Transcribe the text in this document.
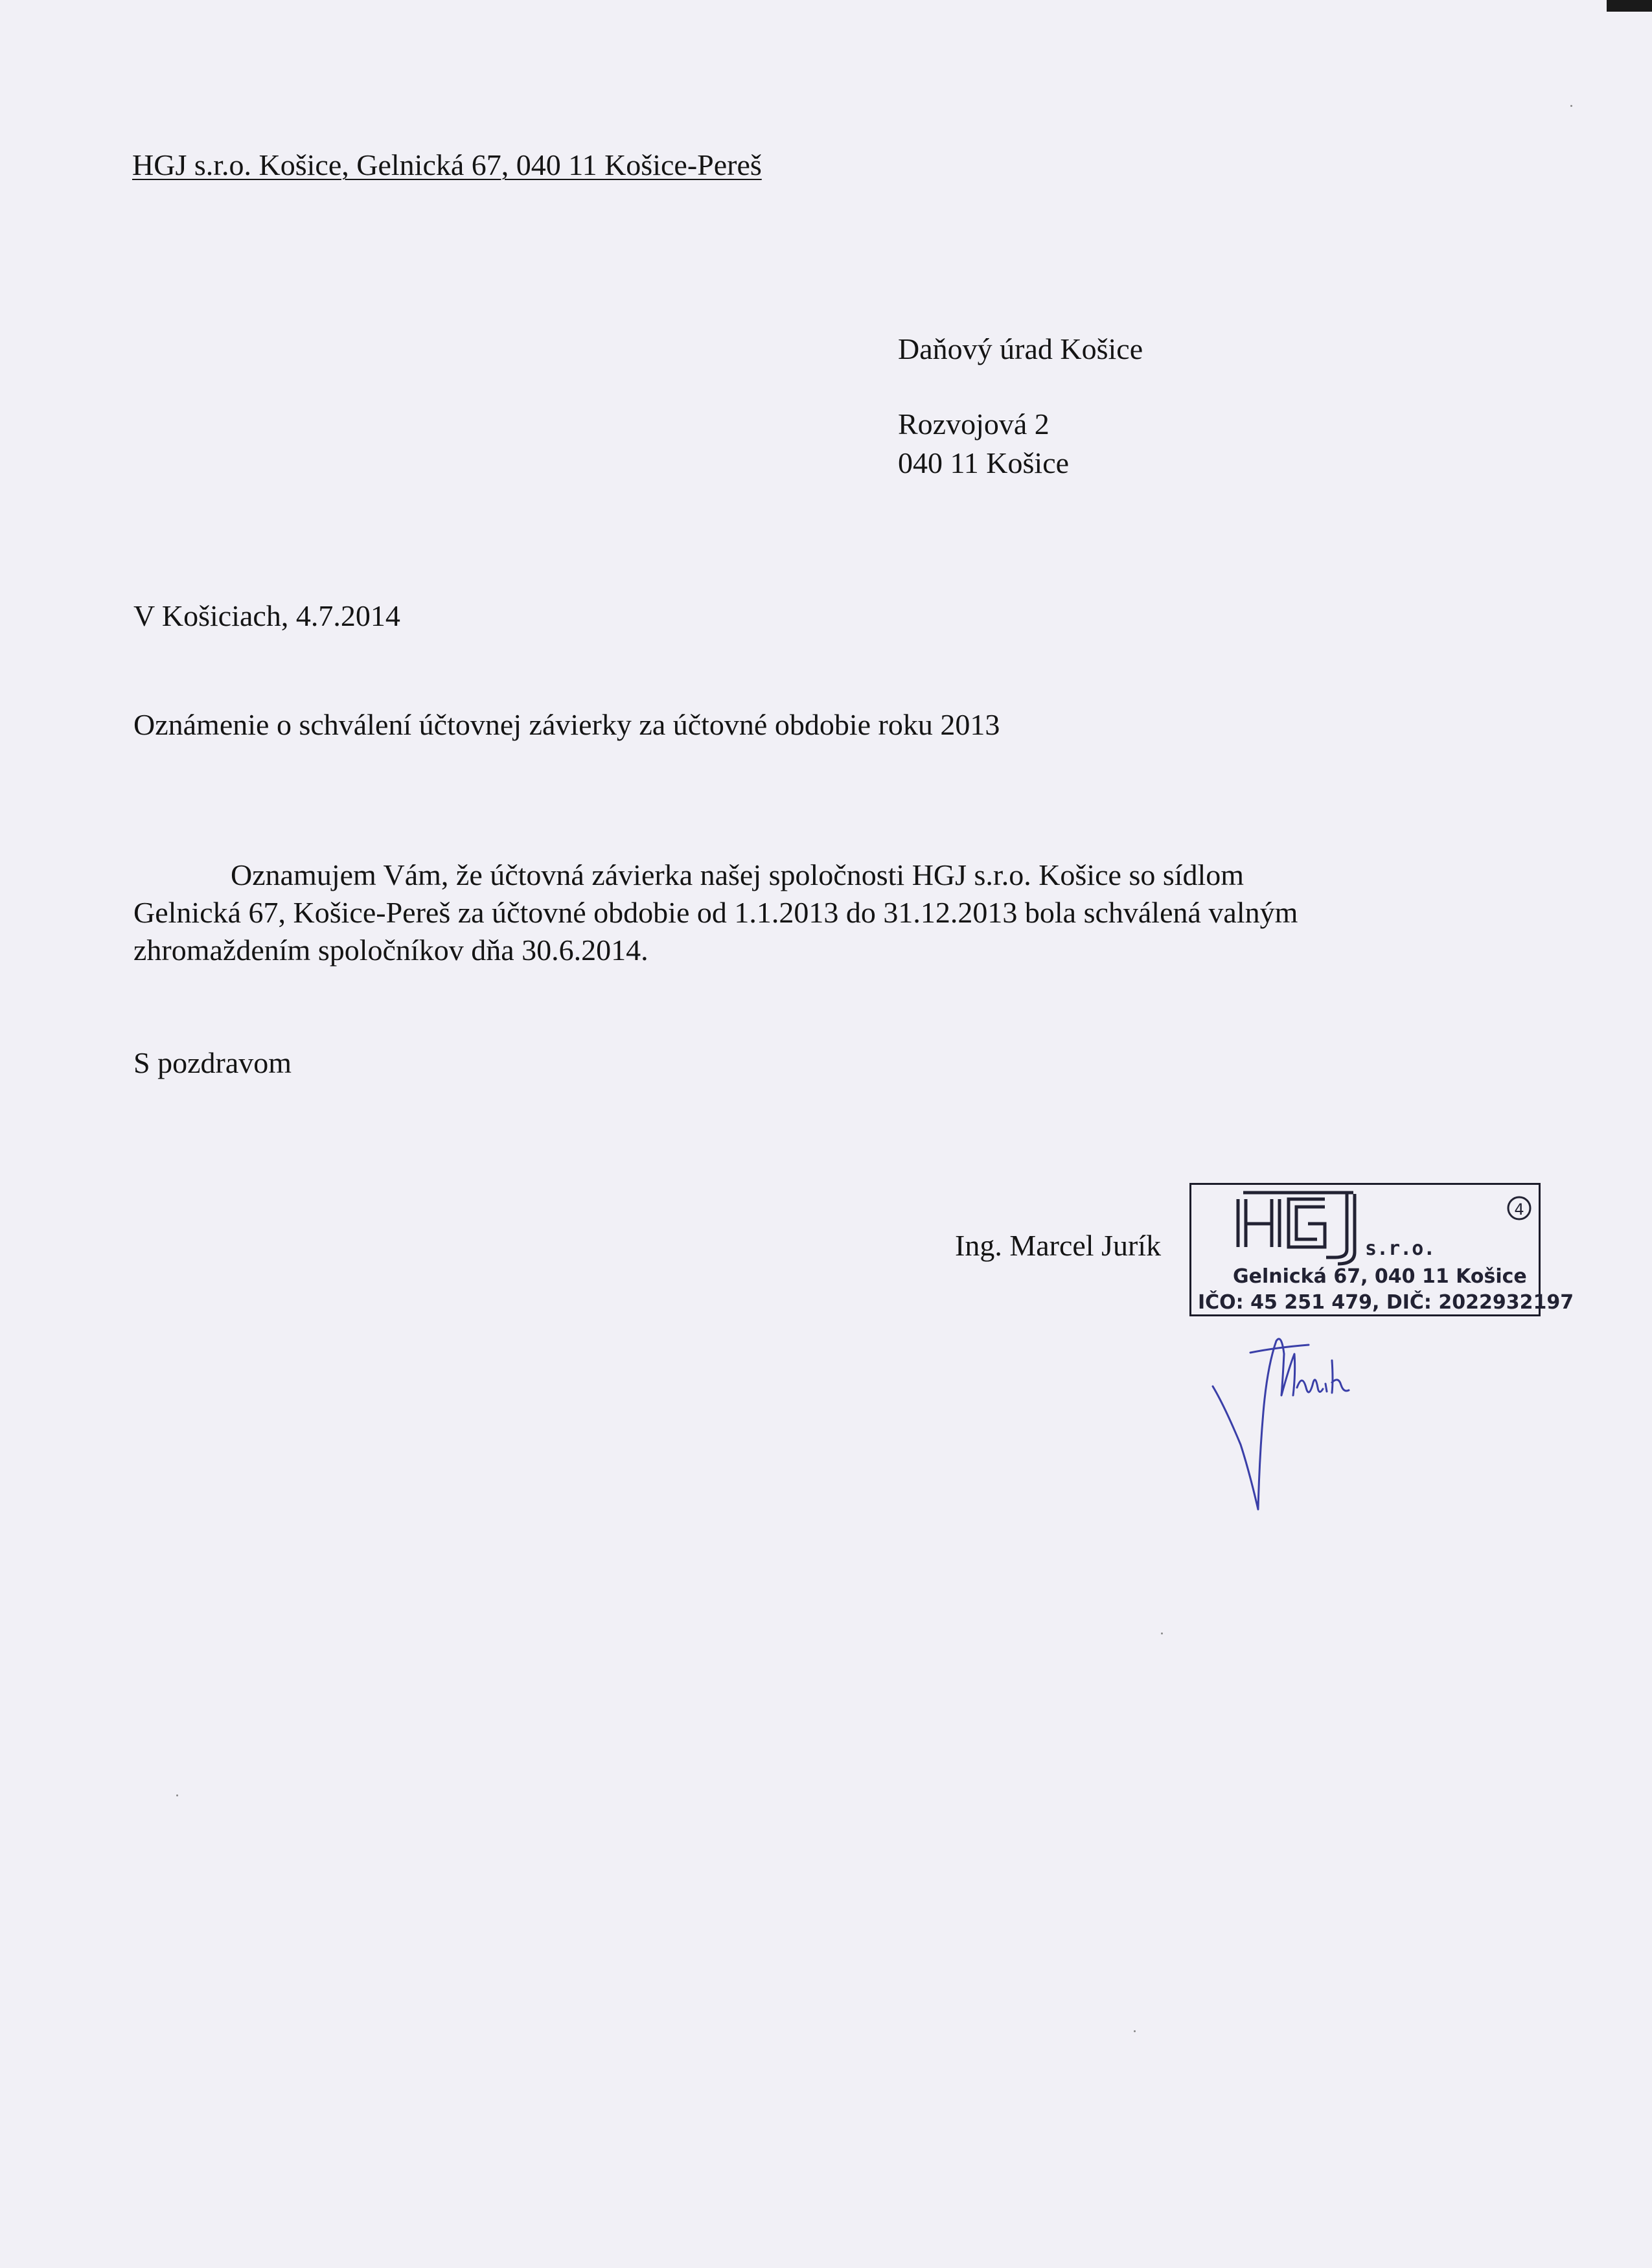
HGJ s.r.o. Košice, Gelnická 67, 040 11 Košice-Pereš
Daňový úrad Košice
Rozvojová 2
040 11 Košice
V Košiciach, 4.7.2014
Oznámenie o schválení účtovnej závierky za účtovné obdobie roku 2013
Oznamujem Vám, že účtovná závierka našej spoločnosti HGJ s.r.o. Košice so sídlom
Gelnická 67, Košice-Pereš za účtovné obdobie od 1.1.2013 do 31.12.2013 bola schválená valným
zhromaždením spoločníkov dňa 30.6.2014.
S pozdravom
Ing. Marcel Jurík	s.r.o.
4
Gelnická 67, 040 11 Košice
IČO: 45 251 479, DIČ: 2022932197
